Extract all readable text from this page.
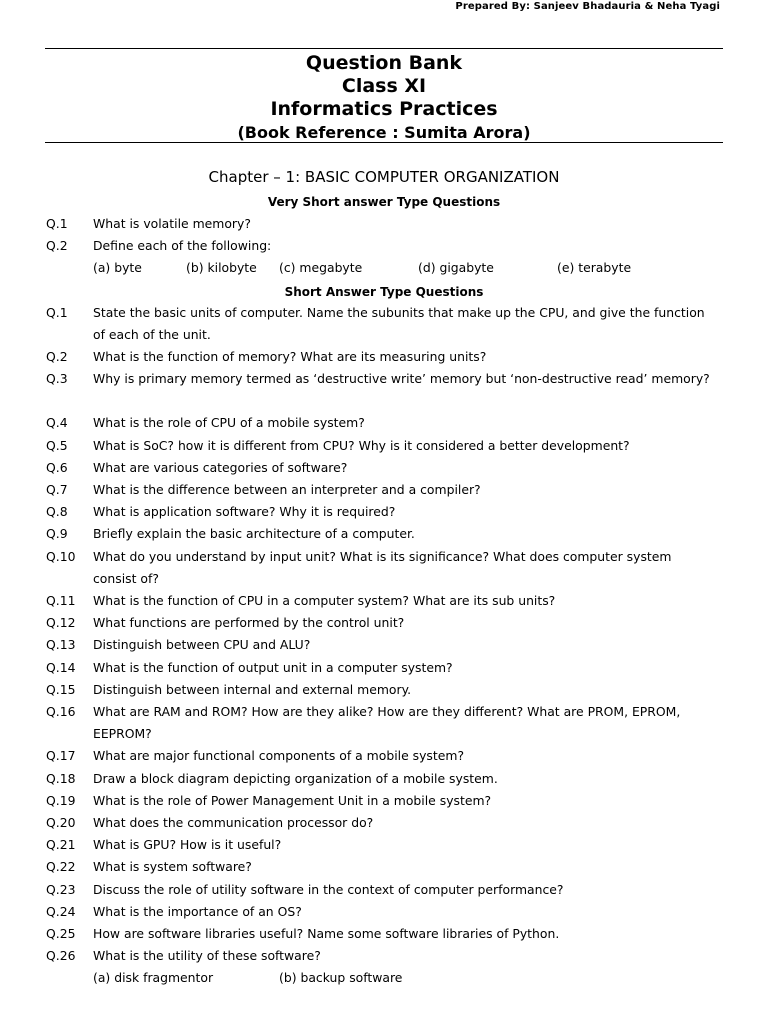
Prepared By: Sanjeev Bhadauria & Neha Tyagi
Question Bank
Class XI
Informatics Practices
(Book Reference : Sumita Arora)
Chapter – 1: BASIC COMPUTER ORGANIZATION
Very Short answer Type Questions
Q.1 What is volatile memory?
Q.2 Define each of the following:
(a) byte	(b) kilobyte (c) megabyte	(d) gigabyte	(e) terabyte
Short Answer Type Questions
Q.1 State the basic units of computer. Name the subunits that make up the CPU, and give the function of each of the unit.
Q.2 What is the function of memory? What are its measuring units?
Q.3 Why is primary memory termed as ‘destructive write’ memory but ‘non-destructive read’ memory?
Q.4 What is the role of CPU of a mobile system?
Q.5 What is SoC? how it is different from CPU? Why is it considered a better development?
Q.6 What are various categories of software?
Q.7 What is the difference between an interpreter and a compiler?
Q.8 What is application software? Why it is required?
Q.9 Briefly explain the basic architecture of a computer.
Q.10 What do you understand by input unit? What is its significance? What does computer system consist of?
Q.11 What is the function of CPU in a computer system? What are its sub units?
Q.12 What functions are performed by the control unit?
Q.13 Distinguish between CPU and ALU?
Q.14 What is the function of output unit in a computer system?
Q.15 Distinguish between internal and external memory.
Q.16 What are RAM and ROM? How are they alike? How are they different? What are PROM, EPROM, EEPROM?
Q.17 What are major functional components of a mobile system?
Q.18 Draw a block diagram depicting organization of a mobile system.
Q.19 What is the role of Power Management Unit in a mobile system?
Q.20 What does the communication processor do?
Q.21 What is GPU? How is it useful?
Q.22 What is system software?
Q.23 Discuss the role of utility software in the context of computer performance?
Q.24 What is the importance of an OS?
Q.25 How are software libraries useful? Name some software libraries of Python.
Q.26 What is the utility of these software?
(a) disk fragmentor	(b) backup software
